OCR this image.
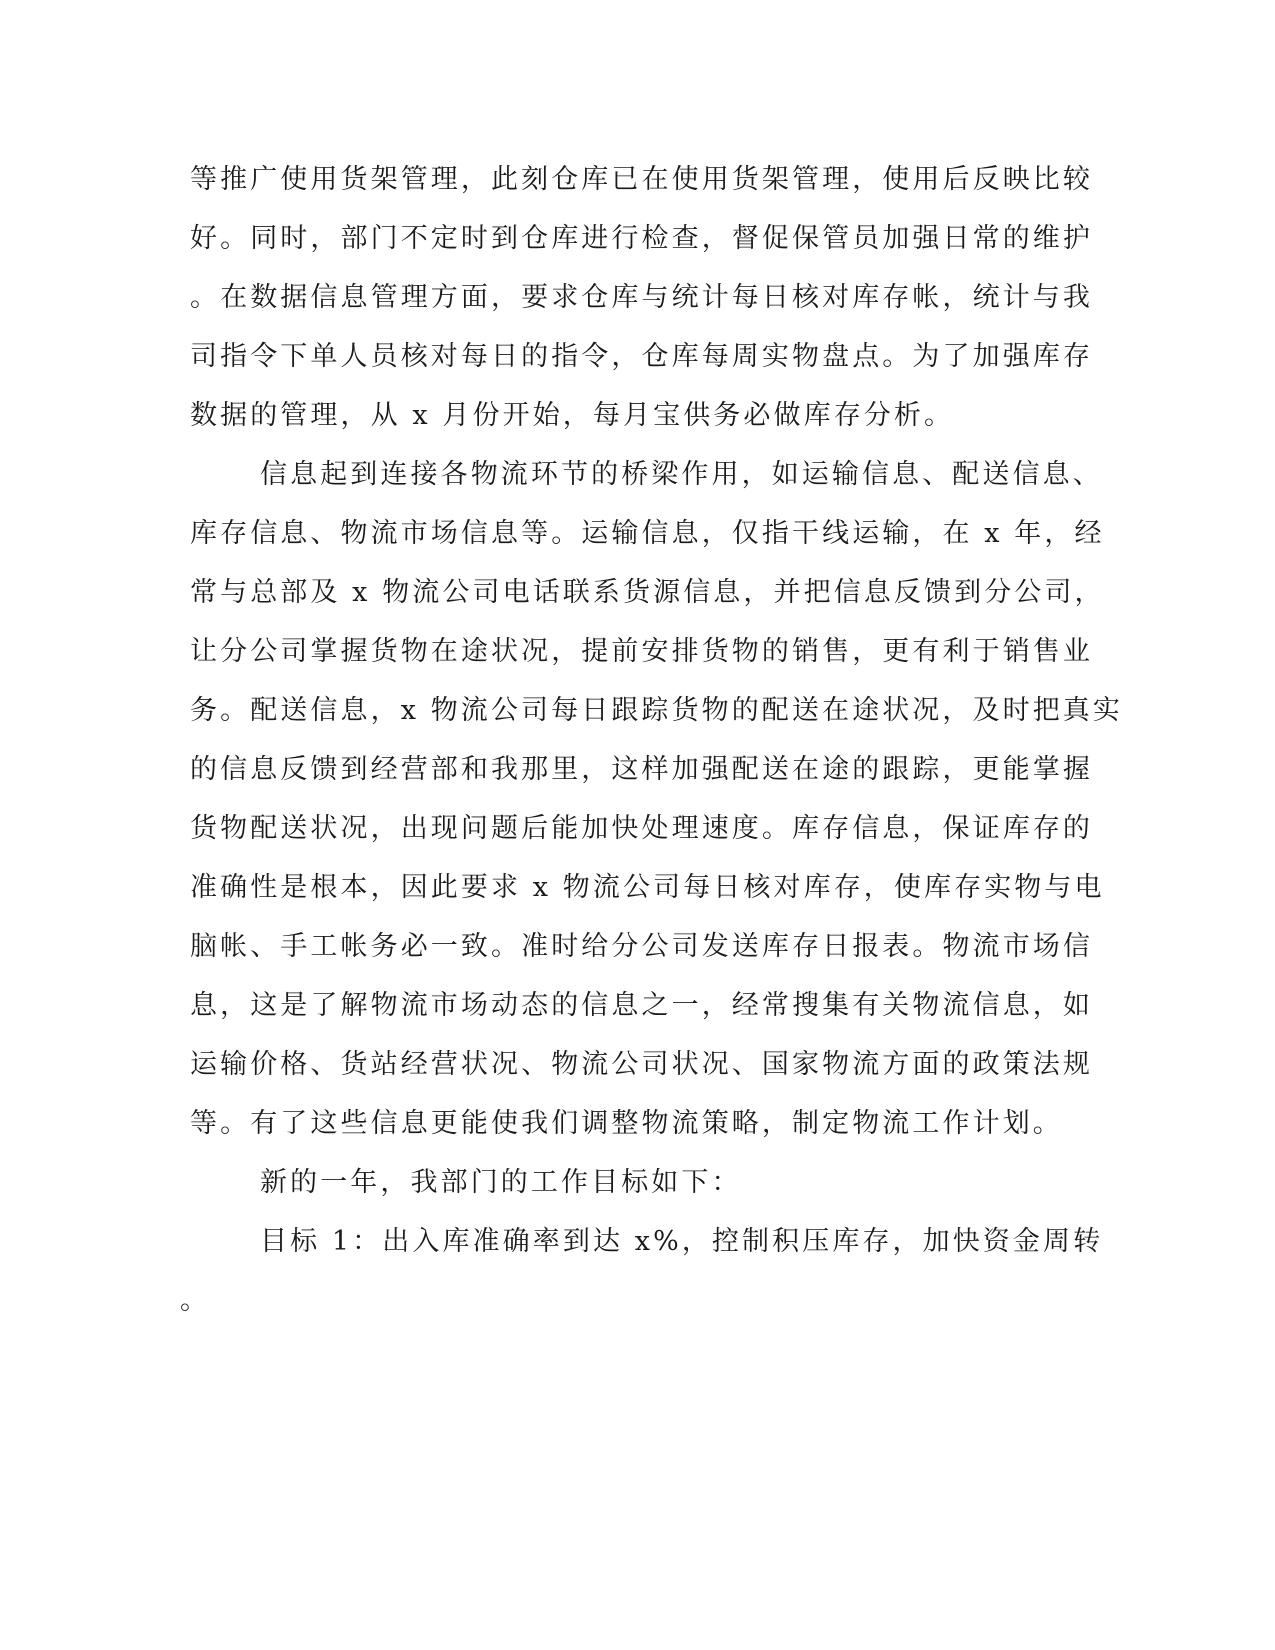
等推广使用货架管理，此刻仓库已在使用货架管理，使用后反映比较

好。同时，部门不定时到仓库进行检查，督促保管员加强日常的维护

。在数据信息管理方面，要求仓库与统计每日核对库存帐，统计与我

司指令下单人员核对每日的指令，仓库每周实物盘点。为了加强库存

数据的管理，从 x 月份开始，每月宝供务必做库存分析。

信息起到连接各物流环节的桥梁作用，如运输信息、配送信息、

库存信息、物流市场信息等。运输信息，仅指干线运输，在 x 年，经

常与总部及 x 物流公司电话联系货源信息，并把信息反馈到分公司，

让分公司掌握货物在途状况，提前安排货物的销售，更有利于销售业

务。配送信息，x 物流公司每日跟踪货物的配送在途状况，及时把真实

的信息反馈到经营部和我那里，这样加强配送在途的跟踪，更能掌握

货物配送状况，出现问题后能加快处理速度。库存信息，保证库存的

准确性是根本，因此要求 x 物流公司每日核对库存，使库存实物与电

脑帐、手工帐务必一致。准时给分公司发送库存日报表。物流市场信

息，这是了解物流市场动态的信息之一，经常搜集有关物流信息，如

运输价格、货站经营状况、物流公司状况、国家物流方面的政策法规

等。有了这些信息更能使我们调整物流策略，制定物流工作计划。

新的一年，我部门的工作目标如下：

目标 1：出入库准确率到达 x%，控制积压库存，加快资金周转

。
